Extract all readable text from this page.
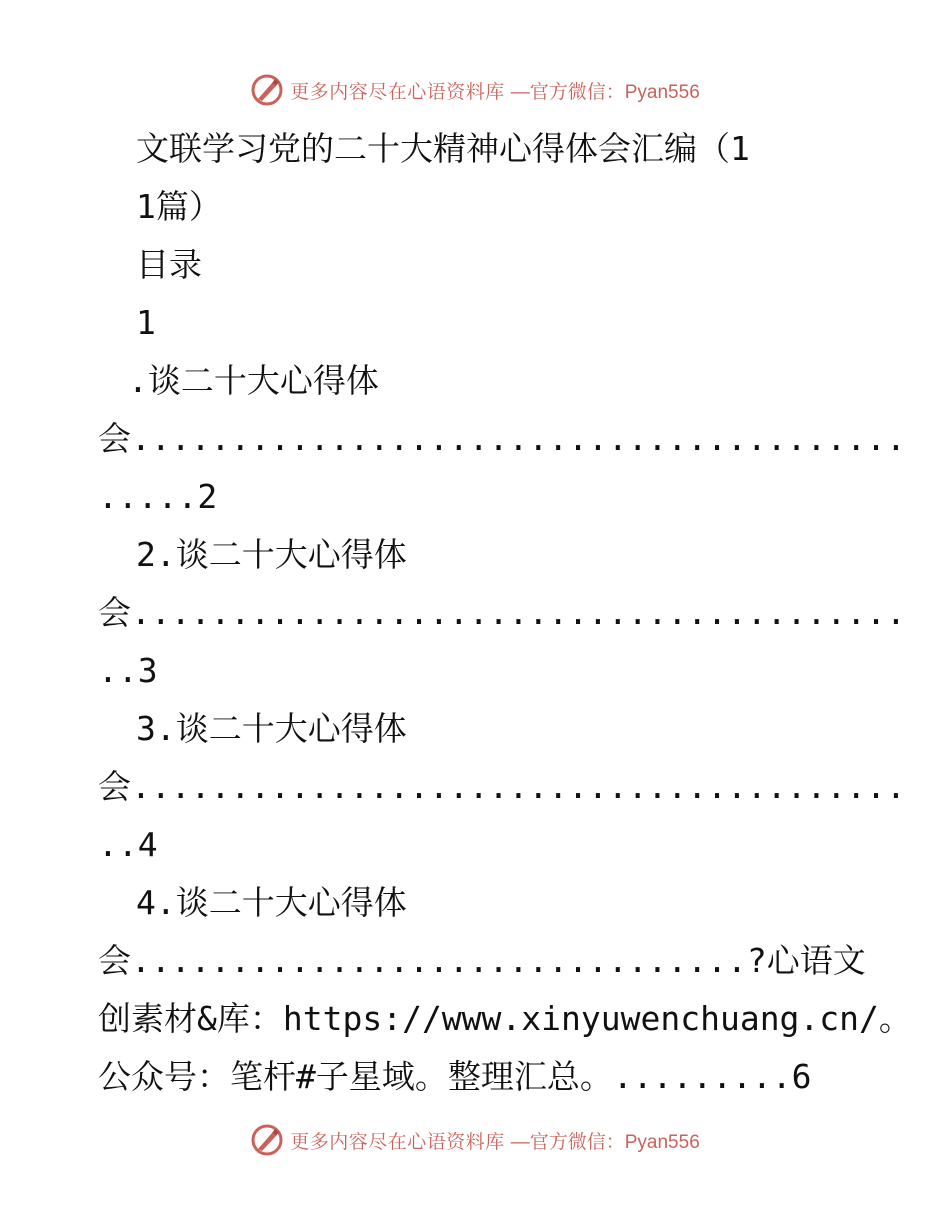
更多内容尽在心语资料库 —官方微信：Pyan556
文联学习党的二十大精神心得体会汇编（1
1篇）
目录
1
.谈二十大心得体
会.......................................
.....2
2.谈二十大心得体
会.......................................
..3
3.谈二十大心得体
会.......................................
..4
4.谈二十大心得体
会...............................?心语文
创素材&库：https://www.xinyuwenchuang.cn/。
公众号：笔杆#子星域。整理汇总。.........6
更多内容尽在心语资料库 —官方微信：Pyan556
